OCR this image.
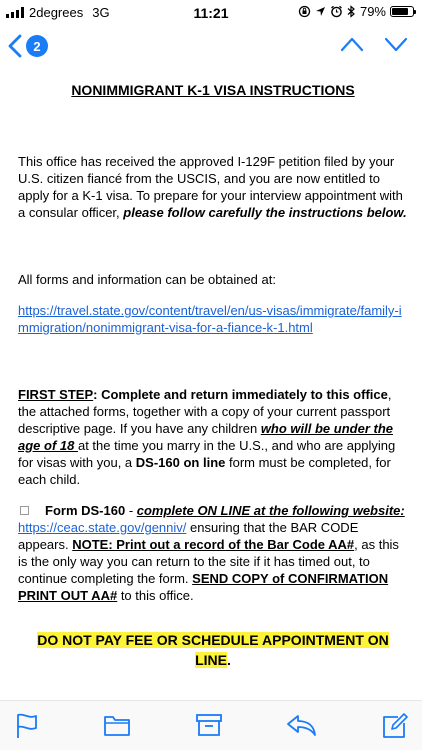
2degrees 3G	11:21	79%
2
NONIMMIGRANT K-1 VISA INSTRUCTIONS

This office has received the approved I-129F petition filed by your U.S. citizen fiancé from the USCIS, and you are now entitled to apply for a K-1 visa. To prepare for your interview appointment with a consular officer, please follow carefully the instructions below.

All forms and information can be obtained at:

https://travel.state.gov/content/travel/en/us-visas/immigrate/family-immigration/nonimmigrant-visa-for-a-fiance-k-1.html

FIRST STEP: Complete and return immediately to this office, the attached forms, together with a copy of your current passport descriptive page. If you have any children who will be under the age of 18 at the time you marry in the U.S., and who are applying for visas with you, a DS-160 on line form must be completed, for each child.

Form DS-160 - complete ON LINE at the following website: https://ceac.state.gov/genniv/ ensuring that the BAR CODE appears. NOTE: Print out a record of the Bar Code AA#, as this is the only way you can return to the site if it has timed out, to continue completing the form. SEND COPY of CONFIRMATION PRINT OUT AA# to this office.

DO NOT PAY FEE OR SCHEDULE APPOINTMENT ON
LINE.
